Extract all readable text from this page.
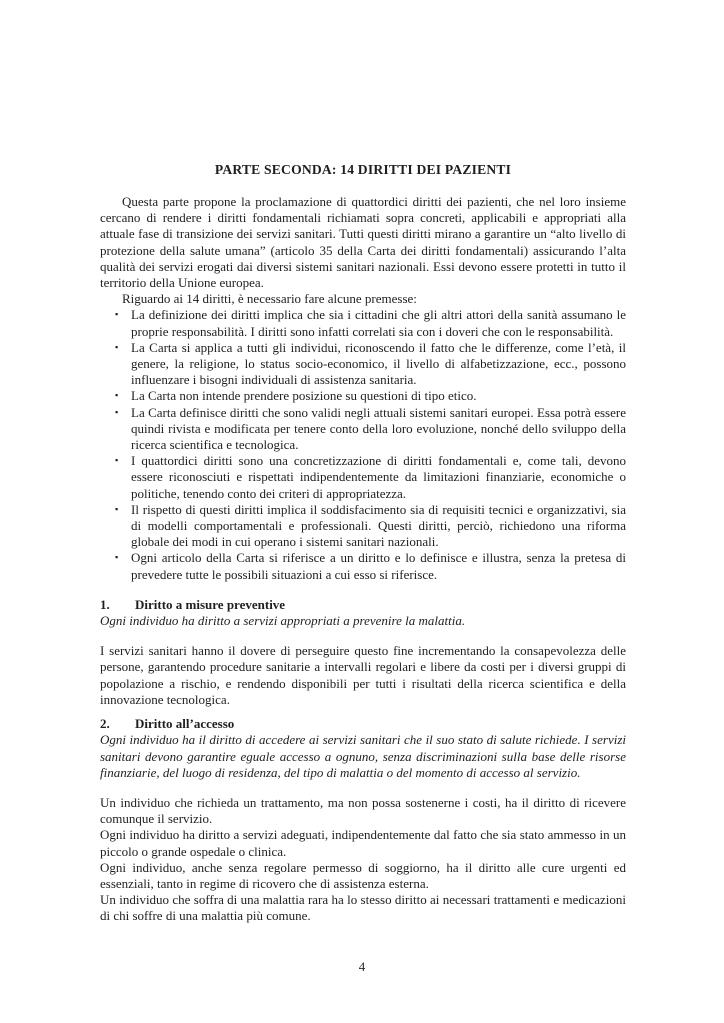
PARTE SECONDA: 14 DIRITTI DEI PAZIENTI

Questa parte propone la proclamazione di quattordici diritti dei pazienti, che nel loro insieme cercano di rendere i diritti fondamentali richiamati sopra concreti, applicabili e appropriati alla attuale fase di transizione dei servizi sanitari. Tutti questi diritti mirano a garantire un “alto livello di protezione della salute umana” (articolo 35 della Carta dei diritti fondamentali) assicurando l’alta qualità dei servizi erogati dai diversi sistemi sanitari nazionali. Essi devono essere protetti in tutto il territorio della Unione europea.

Riguardo ai 14 diritti, è necessario fare alcune premesse:

▪ La definizione dei diritti implica che sia i cittadini che gli altri attori della sanità assumano le proprie responsabilità. I diritti sono infatti correlati sia con i doveri che con le responsabilità.
▪ La Carta si applica a tutti gli individui, riconoscendo il fatto che le differenze, come l’età, il genere, la religione, lo status socio-economico, il livello di alfabetizzazione, ecc., possono influenzare i bisogni individuali di assistenza sanitaria.
▪ La Carta non intende prendere posizione su questioni di tipo etico.
▪ La Carta definisce diritti che sono validi negli attuali sistemi sanitari europei. Essa potrà essere quindi rivista e modificata per tenere conto della loro evoluzione, nonché dello sviluppo della ricerca scientifica e tecnologica.
▪ I quattordici diritti sono una concretizzazione di diritti fondamentali e, come tali, devono essere riconosciuti e rispettati indipendentemente da limitazioni finanziarie, economiche o politiche, tenendo conto dei criteri di appropriatezza.
▪ Il rispetto di questi diritti implica il soddisfacimento sia di requisiti tecnici e organizzativi, sia di modelli comportamentali e professionali. Questi diritti, perciò, richiedono una riforma globale dei modi in cui operano i sistemi sanitari nazionali.
▪ Ogni articolo della Carta si riferisce a un diritto e lo definisce e illustra, senza la pretesa di prevedere tutte le possibili situazioni a cui esso si riferisce.
1.	Diritto a misure preventive

Ogni individuo ha diritto a servizi appropriati a prevenire la malattia.

I servizi sanitari hanno il dovere di perseguire questo fine incrementando la consapevolezza delle persone, garantendo procedure sanitarie a intervalli regolari e libere da costi per i diversi gruppi di popolazione a rischio, e rendendo disponibili per tutti i risultati della ricerca scientifica e della innovazione tecnologica.

2.	Diritto all’accesso

Ogni individuo ha il diritto di accedere ai servizi sanitari che il suo stato di salute richiede. I servizi sanitari devono garantire eguale accesso a ognuno, senza discriminazioni sulla base delle risorse finanziarie, del luogo di residenza, del tipo di malattia o del momento di accesso al servizio.

Un individuo che richieda un trattamento, ma non possa sostenerne i costi, ha il diritto di ricevere comunque il servizio.

Ogni individuo ha diritto a servizi adeguati, indipendentemente dal fatto che sia stato ammesso in un piccolo o grande ospedale o clinica.

Ogni individuo, anche senza regolare permesso di soggiorno, ha il diritto alle cure urgenti ed essenziali, tanto in regime di ricovero che di assistenza esterna.

Un individuo che soffra di una malattia rara ha lo stesso diritto ai necessari trattamenti e medicazioni di chi soffre di una malattia più comune.

4
